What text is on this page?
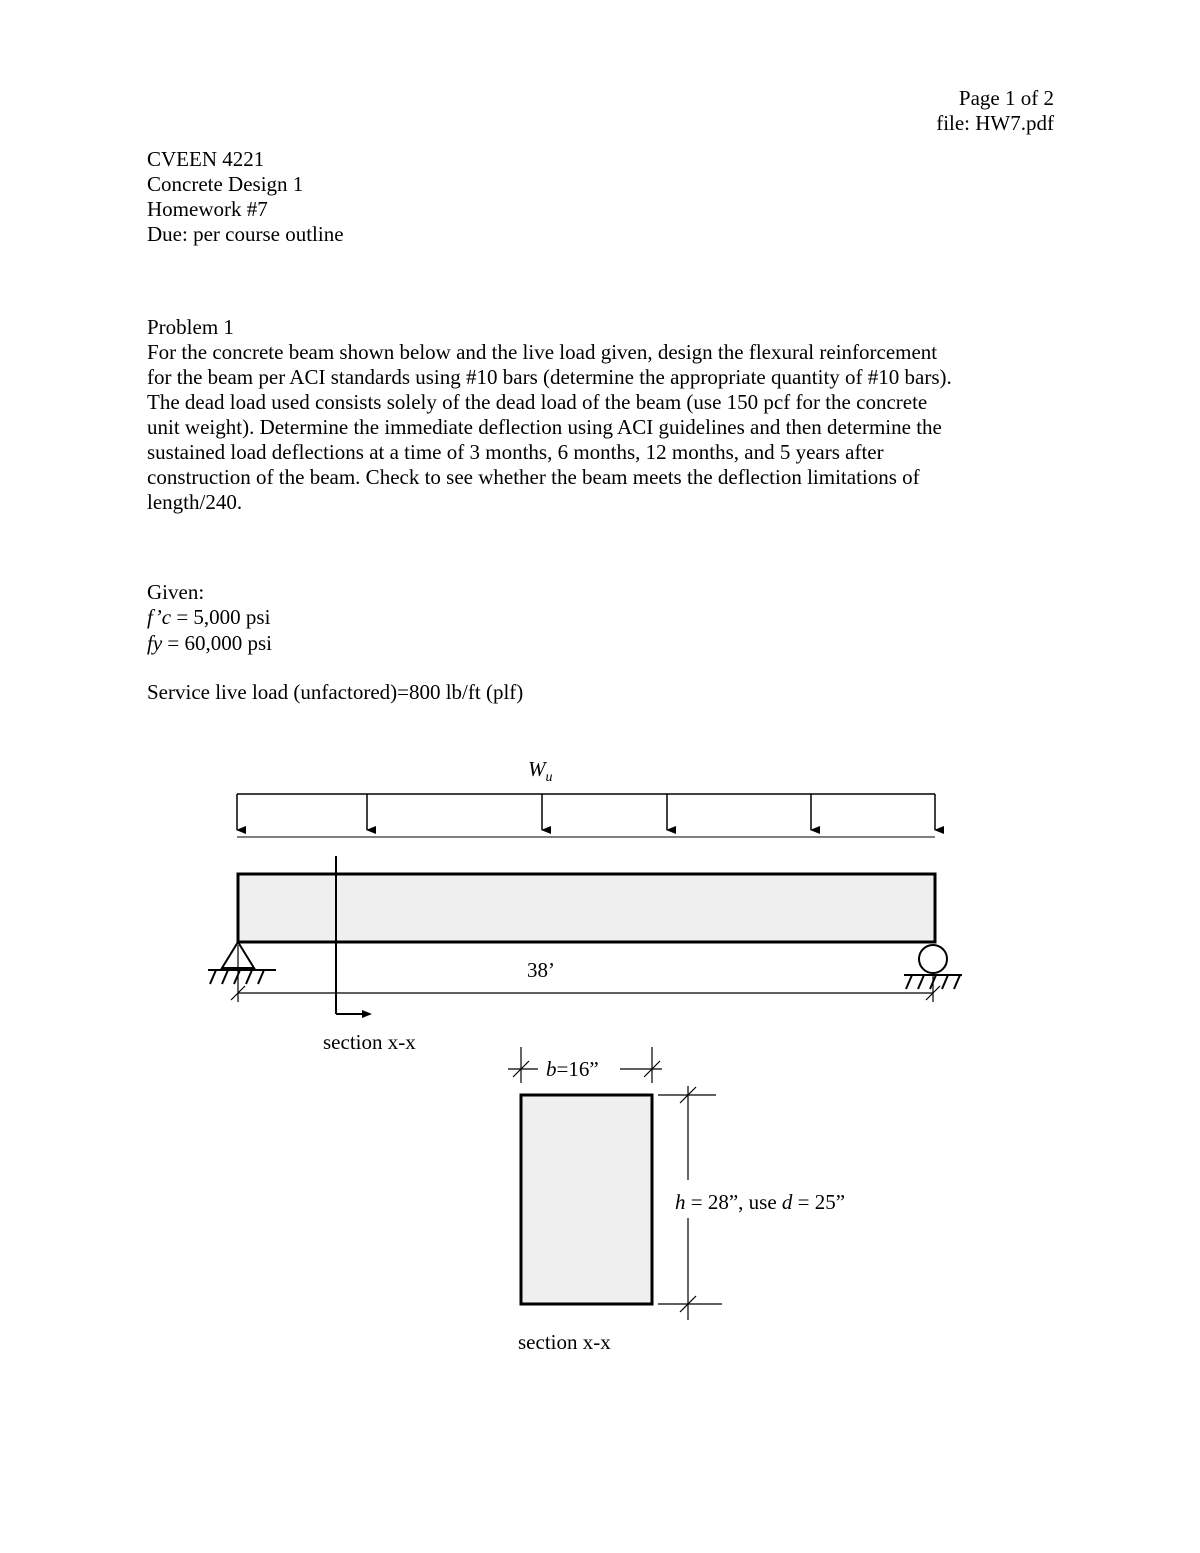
Page 1 of 2
file: HW7.pdf
CVEEN 4221
Concrete Design 1
Homework #7
Due: per course outline
Problem 1

For the concrete beam shown below and the live load given, design the flexural reinforcement

for the beam per ACI standards using #10 bars (determine the appropriate quantity of #10 bars).

The dead load used consists solely of the dead load of the beam (use 150 pcf for the concrete

unit weight). Determine the immediate deflection using ACI guidelines and then determine the

sustained load deflections at a time of 3 months, 6 months, 12 months, and 5 years after

construction of the beam. Check to see whether the beam meets the deflection limitations of

length/240.

Given:
f’c = 5,000 psi
fy = 60,000 psi
Service live load (unfactored)=800 lb/ft (plf)
$W_u$
section x-x
38’
b=16”
h = 28”, use d = 25”
section x-x
